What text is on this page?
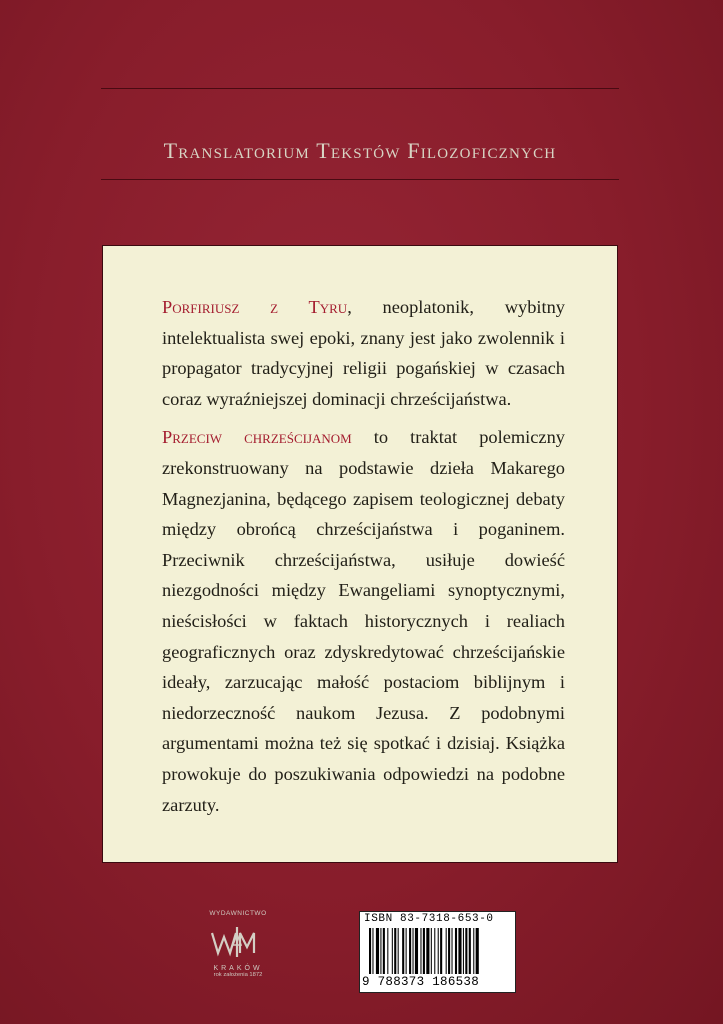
Translatorium Tekstów Filozoficznych

Porfiriusz z Tyru, neoplatonik, wybitny intelektualista swej epoki, znany jest jako zwolennik i propagator tradycyjnej religii pogańskiej w czasach coraz wyraźniejszej dominacji chrześcijaństwa.

Przeciw chrześcijanom to traktat polemiczny zrekonstruowany na podstawie dzieła Makarego Magnezjanina, będącego zapisem teologicznej debaty między obrońcą chrześcijaństwa i poganinem. Przeciwnik chrześcijaństwa, usiłuje dowieść niezgodności między Ewangeliami synoptycznymi, nieścisłości w faktach historycznych i realiach geograficznych oraz zdyskredytować chrześcijańskie ideały, zarzucając małość postaciom biblijnym i niedorzeczność naukom Jezusa. Z podobnymi argumentami można też się spotkać i dzisiaj. Książka prowokuje do poszukiwania odpowiedzi na podobne zarzuty.

WYDAWNICTWO
KRAKÓW
rok założenia 1872
ISBN 83-7318-653-0
9 788373 186538
